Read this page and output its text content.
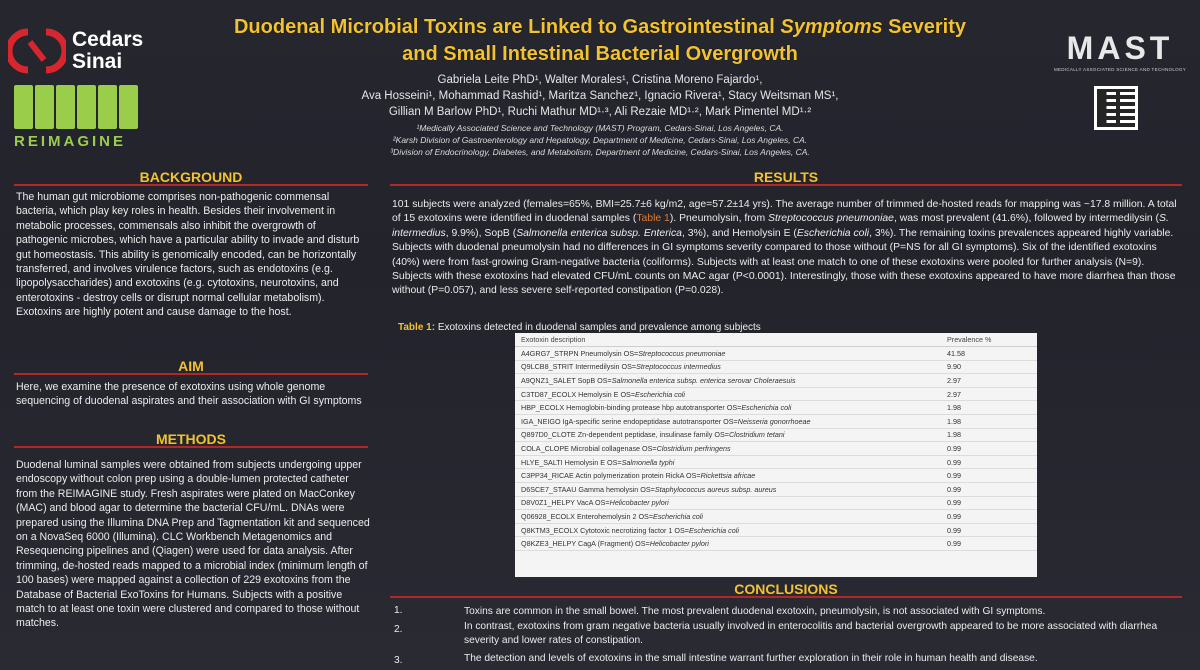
Cedars
Sinai
REIMAGINE
Duodenal Microbial Toxins are Linked to Gastrointestinal Symptoms Severity
and Small Intestinal Bacterial Overgrowth
Gabriela Leite PhD¹, Walter Morales¹, Cristina Moreno Fajardo¹,
Ava Hosseini¹, Mohammad Rashid¹, Maritza Sanchez¹, Ignacio Rivera¹, Stacy Weitsman MS¹,
Gillian M Barlow PhD¹, Ruchi Mathur MD¹·³, Ali Rezaie MD¹·², Mark Pimentel MD¹·²
¹Medically Associated Science and Technology (MAST) Program, Cedars-Sinai, Los Angeles, CA.
²Karsh Division of Gastroenterology and Hepatology, Department of Medicine, Cedars-Sinai, Los Angeles, CA.
³Division of Endocrinology, Diabetes, and Metabolism, Department of Medicine, Cedars-Sinai, Los Angeles, CA.
MAST
MEDICALLY ASSOCIATED SCIENCE AND TECHNOLOGY
BACKGROUND
The human gut microbiome comprises non-pathogenic commensal bacteria, which play key roles in health. Besides their involvement in metabolic processes, commensals also inhibit the overgrowth of pathogenic microbes, which have a particular ability to invade and disturb gut homeostasis. This ability is genomically encoded, can be horizontally transferred, and involves virulence factors, such as endotoxins (e.g. lipopolysaccharides) and exotoxins (e.g. cytotoxins, neurotoxins, and enterotoxins - destroy cells or disrupt normal cellular metabolism). Exotoxins are highly potent and cause damage to the host.
AIM
Here, we examine the presence of exotoxins using whole genome sequencing of duodenal aspirates and their association with GI symptoms
METHODS
Duodenal luminal samples were obtained from subjects undergoing upper endoscopy without colon prep using a double-lumen protected catheter from the REIMAGINE study. Fresh aspirates were plated on MacConkey (MAC) and blood agar to determine the bacterial CFU/mL. DNAs were prepared using the Illumina DNA Prep and Tagmentation kit and sequenced on a NovaSeq 6000 (Illumina). CLC Workbench Metagenomics and Resequencing pipelines and (Qiagen) were used for data analysis. After trimming, de-hosted reads mapped to a microbial index (minimum length of 100 bases) were mapped against a collection of 229 exotoxins from the Database of Bacterial ExoToxins for Humans. Subjects with a positive match to at least one toxin were clustered and compared to those without matches.
RESULTS
101 subjects were analyzed (females=65%, BMI=25.7±6 kg/m2, age=57.2±14 yrs). The average number of trimmed de-hosted reads for mapping was ~17.8 million. A total of 15 exotoxins were identified in duodenal samples (Table 1). Pneumolysin, from Streptococcus pneumoniae, was most prevalent (41.6%), followed by intermedilysin (S. intermedius, 9.9%), SopB (Salmonella enterica subsp. Enterica, 3%), and Hemolysin E (Escherichia coli, 3%). The remaining toxins prevalences appeared highly variable. Subjects with duodenal pneumolysin had no differences in GI symptoms severity compared to those without (P=NS for all GI symptoms). Six of the identified exotoxins (40%) were from fast-growing Gram-negative bacteria (coliforms). Subjects with at least one match to one of these exotoxins were pooled for further analysis (N=9). Subjects with these exotoxins had elevated CFU/mL counts on MAC agar (P<0.0001). Interestingly, those with these exotoxins appeared to have more diarrhea than those without (P=0.057), and less severe self-reported constipation (P=0.028).
Table 1: Exotoxins detected in duodenal samples and prevalence among subjects
Exotoxin description	Prevalence %
A4GRG7_STRPN Pneumolysin OS=Streptococcus pneumoniae	41.58
Q9LCB8_STRIT Intermedilysin OS=Streptococcus intermedius	9.90
A9QNZ1_SALET SopB OS=Salmonella enterica subsp. enterica serovar Choleraesuis	2.97
C3TD87_ECOLX Hemolysin E OS=Escherichia coli	2.97
HBP_ECOLX Hemoglobin-binding protease hbp autotransporter OS=Escherichia coli	1.98
IGA_NEIGO IgA-specific serine endopeptidase autotransporter OS=Neisseria gonorrhoeae	1.98
Q897D0_CLOTE Zn-dependent peptidase, insulinase family OS=Clostridium tetani	1.98
COLA_CLOPE Microbial collagenase OS=Clostridium perfringens	0.99
HLYE_SALTI Hemolysin E OS=Salmonella typhi	0.99
C3PP34_RICAE Actin polymerization protein RickA OS=Rickettsia africae	0.99
D6SCE7_STAAU Gamma hemolysin OS=Staphylococcus aureus subsp. aureus	0.99
D8V0Z1_HELPY VacA OS=Helicobacter pylori	0.99
Q06928_ECOLX Enterohemolysin 2 OS=Escherichia coli	0.99
Q8KTM3_ECOLX Cytotoxic necrotizing factor 1 OS=Escherichia coli	0.99
Q8KZE3_HELPY CagA (Fragment) OS=Helicobacter pylori	0.99
CONCLUSIONS
1.	Toxins are common in the small bowel. The most prevalent duodenal exotoxin, pneumolysin, is not associated with GI symptoms.
2.	In contrast, exotoxins from gram negative bacteria usually involved in enterocolitis and bacterial overgrowth appeared to be more associated with diarrhea severity and lower rates of constipation.
3.	The detection and levels of exotoxins in the small intestine warrant further exploration in their role in human health and disease.
